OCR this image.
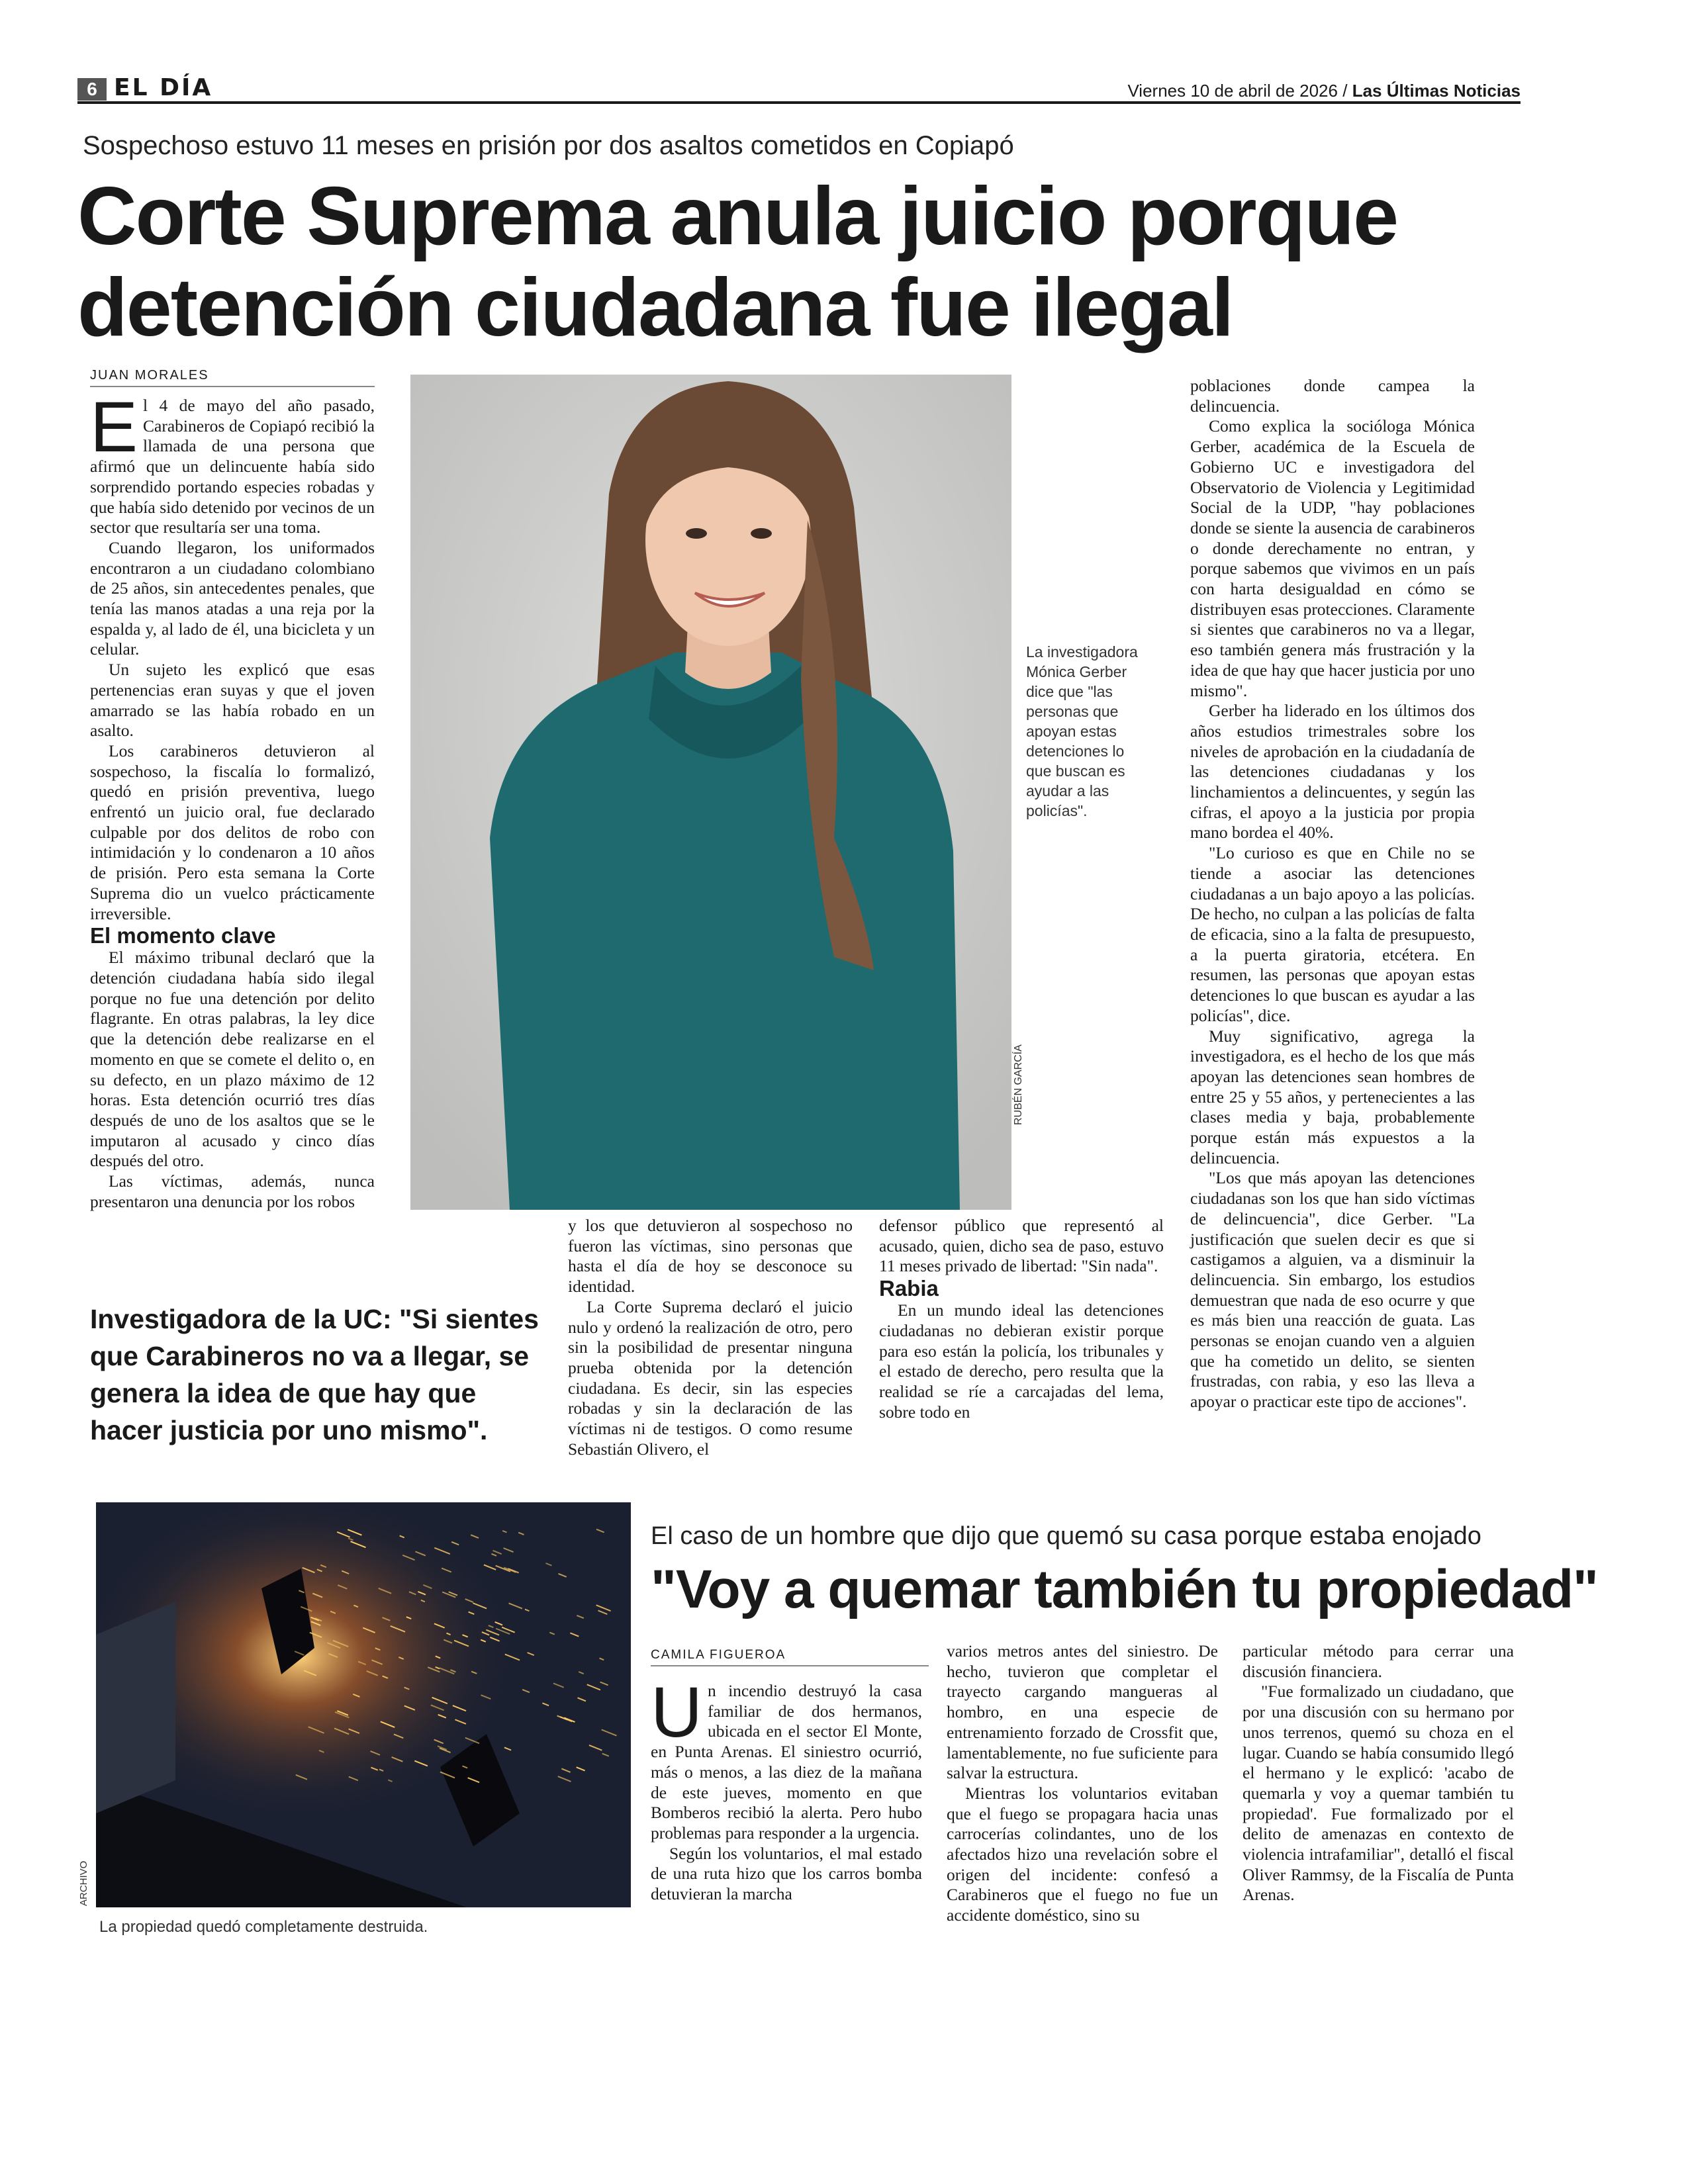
6 EL DÍA	Viernes 10 de abril de 2026 / Las Últimas Noticias
Sospechoso estuvo 11 meses en prisión por dos asaltos cometidos en Copiapó
Corte Suprema anula juicio porque
detención ciudadana fue ilegal
JUAN MORALES

El 4 de mayo del año pasado, Carabineros de Copiapó recibió la llamada de una persona que afirmó que un delincuente había sido sorprendido portando especies robadas y que había sido detenido por vecinos de un sector que resultaría ser una toma.

Cuando llegaron, los uniformados encontraron a un ciudadano colombiano de 25 años, sin antecedentes penales, que tenía las manos atadas a una reja por la espalda y, al lado de él, una bicicleta y un celular.

Un sujeto les explicó que esas pertenencias eran suyas y que el joven amarrado se las había robado en un asalto.

Los carabineros detuvieron al sospechoso, la fiscalía lo formalizó, quedó en prisión preventiva, luego enfrentó un juicio oral, fue declarado culpable por dos delitos de robo con intimidación y lo condenaron a 10 años de prisión. Pero esta semana la Corte Suprema dio un vuelco prácticamente irreversible.

El momento clave

El máximo tribunal declaró que la detención ciudadana había sido ilegal porque no fue una detención por delito flagrante. En otras palabras, la ley dice que la detención debe realizarse en el momento en que se comete el delito o, en su defecto, en un plazo máximo de 12 horas. Esta detención ocurrió tres días después de uno de los asaltos que se le imputaron al acusado y cinco días después del otro.

Las víctimas, además, nunca presentaron una denuncia por los robos

RUBÉN GARCÍA
La investigadora Mónica Gerber dice que "las personas que apoyan estas detenciones lo que buscan es ayudar a las policías".
Investigadora de la UC: "Si sientes que Carabineros no va a llegar, se genera la idea de que hay que hacer justicia por uno mismo".

y los que detuvieron al sospechoso no fueron las víctimas, sino personas que hasta el día de hoy se desconoce su identidad.

La Corte Suprema declaró el juicio nulo y ordenó la realización de otro, pero sin la posibilidad de presentar ninguna prueba obtenida por la detención ciudadana. Es decir, sin las especies robadas y sin la declaración de las víctimas ni de testigos. O como resume Sebastián Olivero, el

defensor público que representó al acusado, quien, dicho sea de paso, estuvo 11 meses privado de libertad: "Sin nada".

Rabia

En un mundo ideal las detenciones ciudadanas no debieran existir porque para eso están la policía, los tribunales y el estado de derecho, pero resulta que la realidad se ríe a carcajadas del lema, sobre todo en

poblaciones donde campea la delincuencia.

Como explica la socióloga Mónica Gerber, académica de la Escuela de Gobierno UC e investigadora del Observatorio de Violencia y Legitimidad Social de la UDP, "hay poblaciones donde se siente la ausencia de carabineros o donde derechamente no entran, y porque sabemos que vivimos en un país con harta desigualdad en cómo se distribuyen esas protecciones. Claramente si sientes que carabineros no va a llegar, eso también genera más frustración y la idea de que hay que hacer justicia por uno mismo".

Gerber ha liderado en los últimos dos años estudios trimestrales sobre los niveles de aprobación en la ciudadanía de las detenciones ciudadanas y los linchamientos a delincuentes, y según las cifras, el apoyo a la justicia por propia mano bordea el 40%.

"Lo curioso es que en Chile no se tiende a asociar las detenciones ciudadanas a un bajo apoyo a las policías. De hecho, no culpan a las policías de falta de eficacia, sino a la falta de presupuesto, a la puerta giratoria, etcétera. En resumen, las personas que apoyan estas detenciones lo que buscan es ayudar a las policías", dice.

Muy significativo, agrega la investigadora, es el hecho de los que más apoyan las detenciones sean hombres de entre 25 y 55 años, y pertenecientes a las clases media y baja, probablemente porque están más expuestos a la delincuencia.

"Los que más apoyan las detenciones ciudadanas son los que han sido víctimas de delincuencia", dice Gerber. "La justificación que suelen decir es que si castigamos a alguien, va a disminuir la delincuencia. Sin embargo, los estudios demuestran que nada de eso ocurre y que es más bien una reacción de guata. Las personas se enojan cuando ven a alguien que ha cometido un delito, se sienten frustradas, con rabia, y eso las lleva a apoyar o practicar este tipo de acciones".

ARCHIVO
La propiedad quedó completamente destruida.
El caso de un hombre que dijo que quemó su casa porque estaba enojado
"Voy a quemar también tu propiedad"
CAMILA FIGUEROA

Un incendio destruyó la casa familiar de dos hermanos, ubicada en el sector El Monte, en Punta Arenas. El siniestro ocurrió, más o menos, a las diez de la mañana de este jueves, momento en que Bomberos recibió la alerta. Pero hubo problemas para responder a la urgencia.

Según los voluntarios, el mal estado de una ruta hizo que los carros bomba detuvieran la marcha

varios metros antes del siniestro. De hecho, tuvieron que completar el trayecto cargando mangueras al hombro, en una especie de entrenamiento forzado de Crossfit que, lamentablemente, no fue suficiente para salvar la estructura.

Mientras los voluntarios evitaban que el fuego se propagara hacia unas carrocerías colindantes, uno de los afectados hizo una revelación sobre el origen del incidente: confesó a Carabineros que el fuego no fue un accidente doméstico, sino su

particular método para cerrar una discusión financiera.

"Fue formalizado un ciudadano, que por una discusión con su hermano por unos terrenos, quemó su choza en el lugar. Cuando se había consumido llegó el hermano y le explicó: 'acabo de quemarla y voy a quemar también tu propiedad'. Fue formalizado por el delito de amenazas en contexto de violencia intrafamiliar", detalló el fiscal Oliver Rammsy, de la Fiscalía de Punta Arenas.
